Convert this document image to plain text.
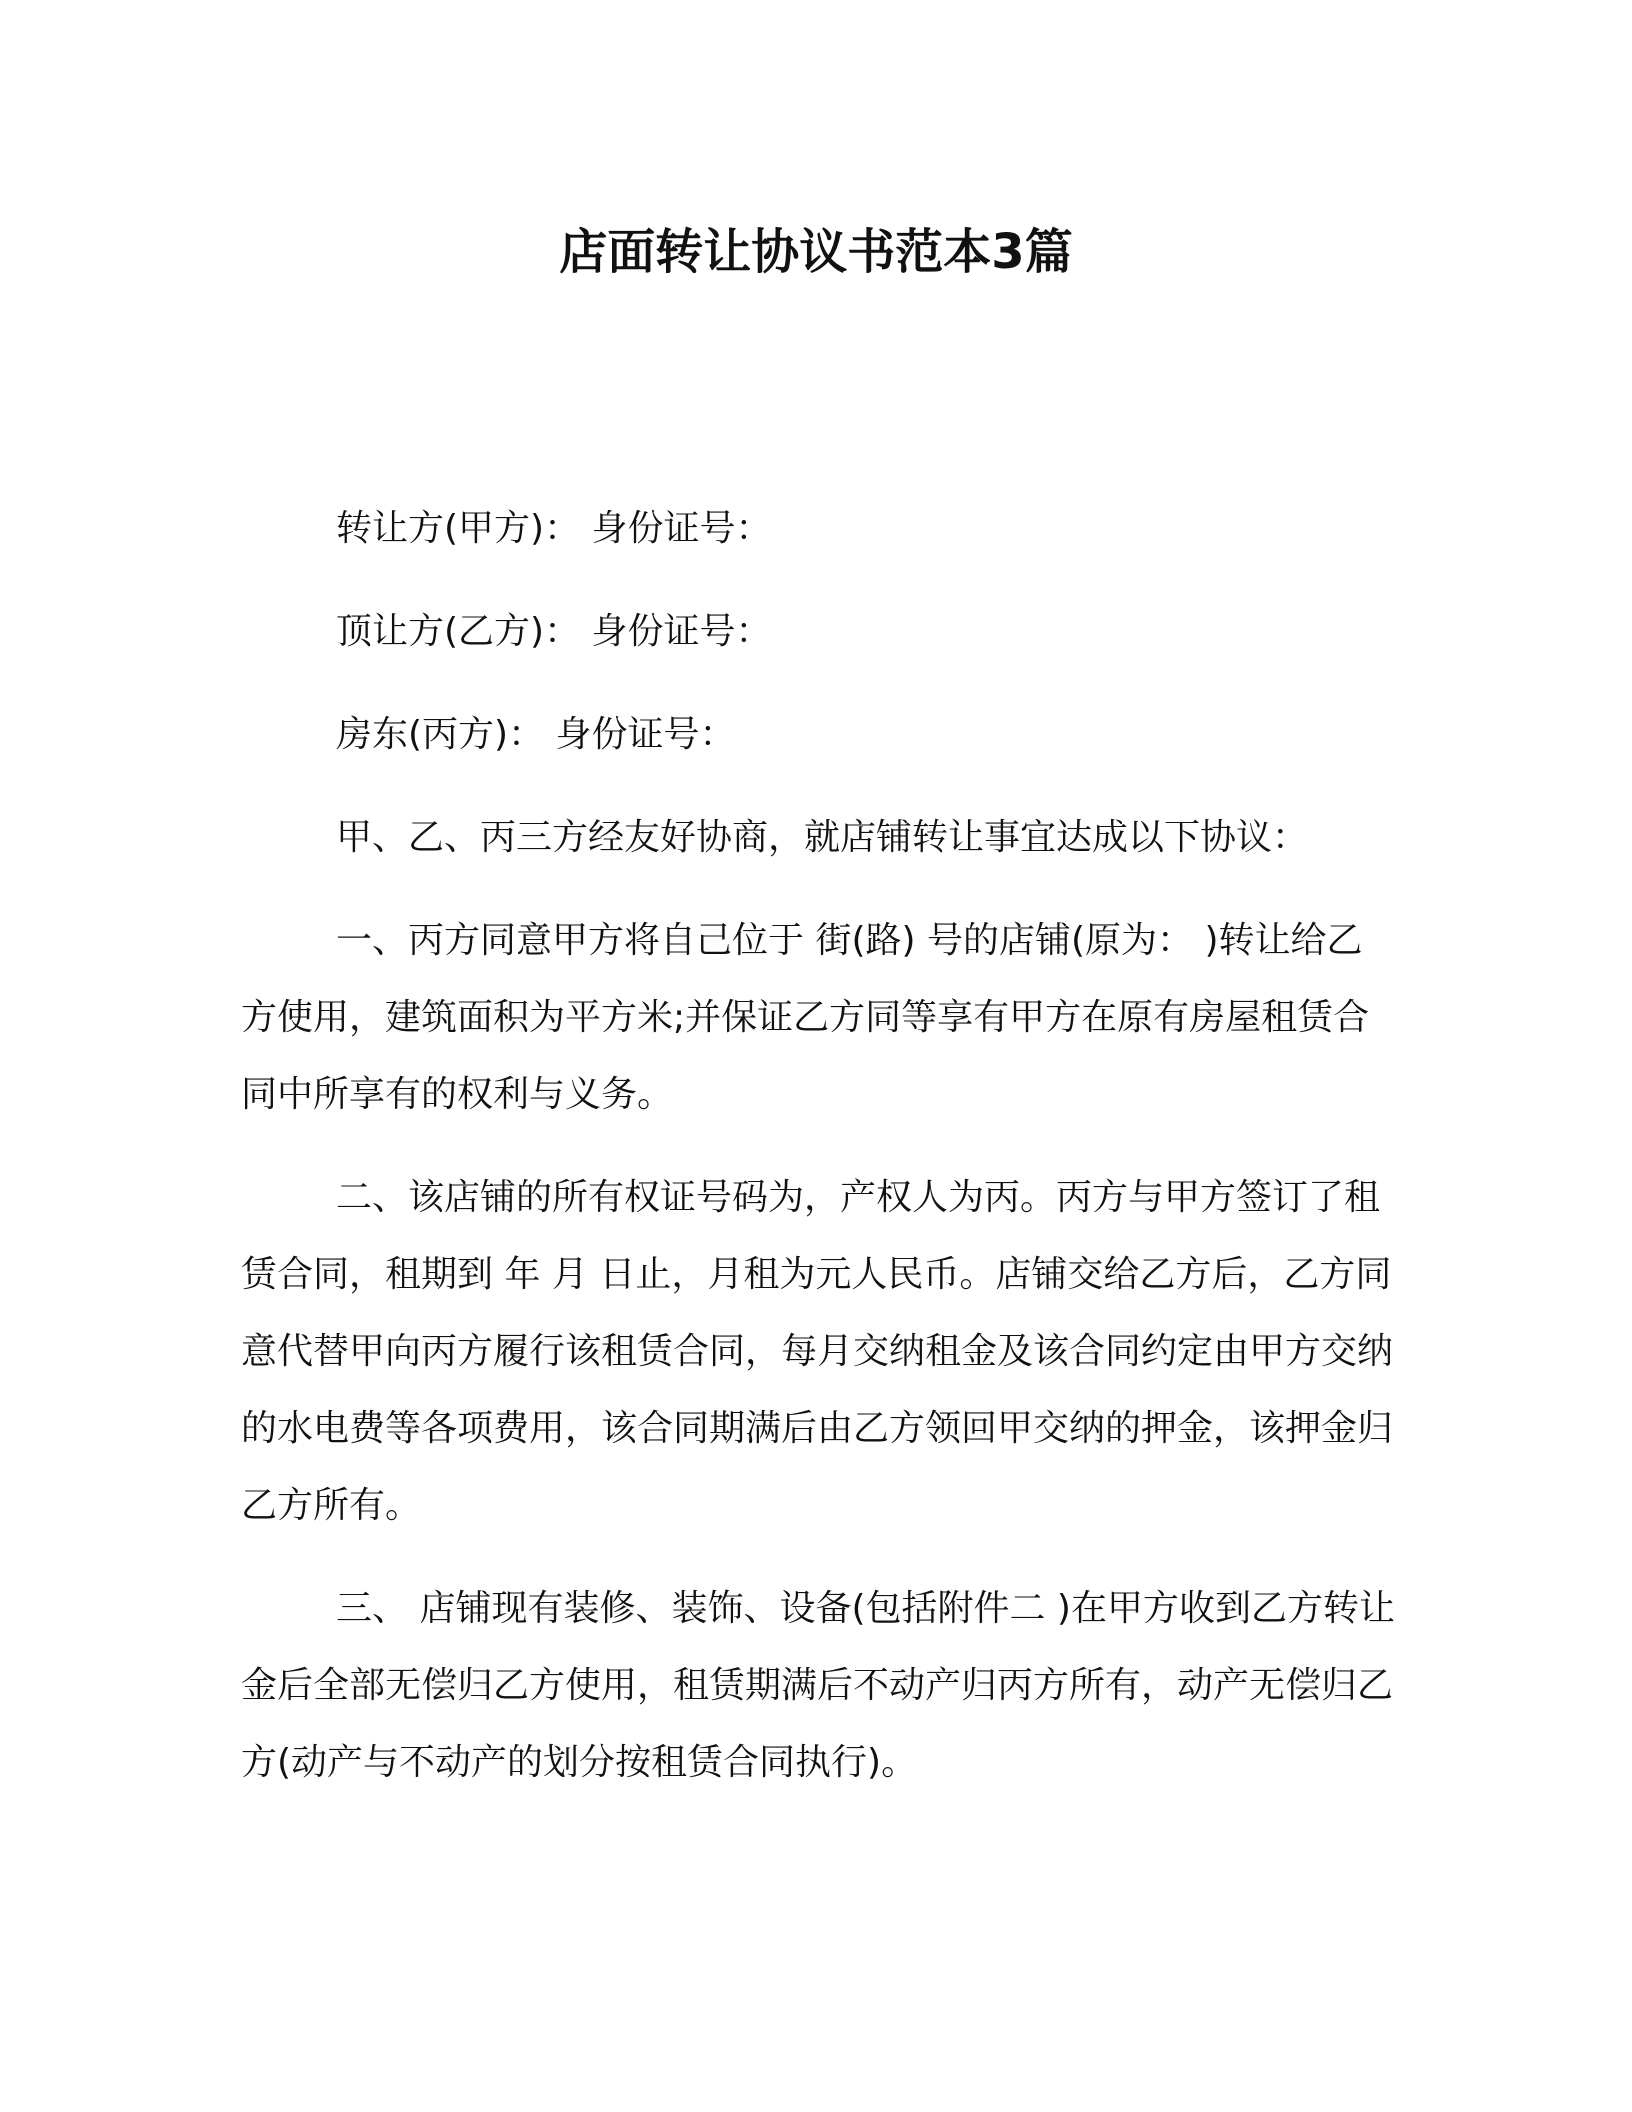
店面转让协议书范本3篇

转让方(甲方)： 身份证号：

顶让方(乙方)： 身份证号：

房东(丙方)： 身份证号：

甲、乙、丙三方经友好协商，就店铺转让事宜达成以下协议：

一、丙方同意甲方将自己位于 街(路) 号的店铺(原为： )转让给乙方使用，建筑面积为平方米;并保证乙方同等享有甲方在原有房屋租赁合同中所享有的权利与义务。

二、该店铺的所有权证号码为，产权人为丙。丙方与甲方签订了租赁合同，租期到 年 月 日止，月租为元人民币。店铺交给乙方后，乙方同意代替甲向丙方履行该租赁合同，每月交纳租金及该合同约定由甲方交纳的水电费等各项费用，该合同期满后由乙方领回甲交纳的押金，该押金归乙方所有。

三、 店铺现有装修、装饰、设备(包括附件二 )在甲方收到乙方转让金后全部无偿归乙方使用，租赁期满后不动产归丙方所有，动产无偿归乙方(动产与不动产的划分按租赁合同执行)。
